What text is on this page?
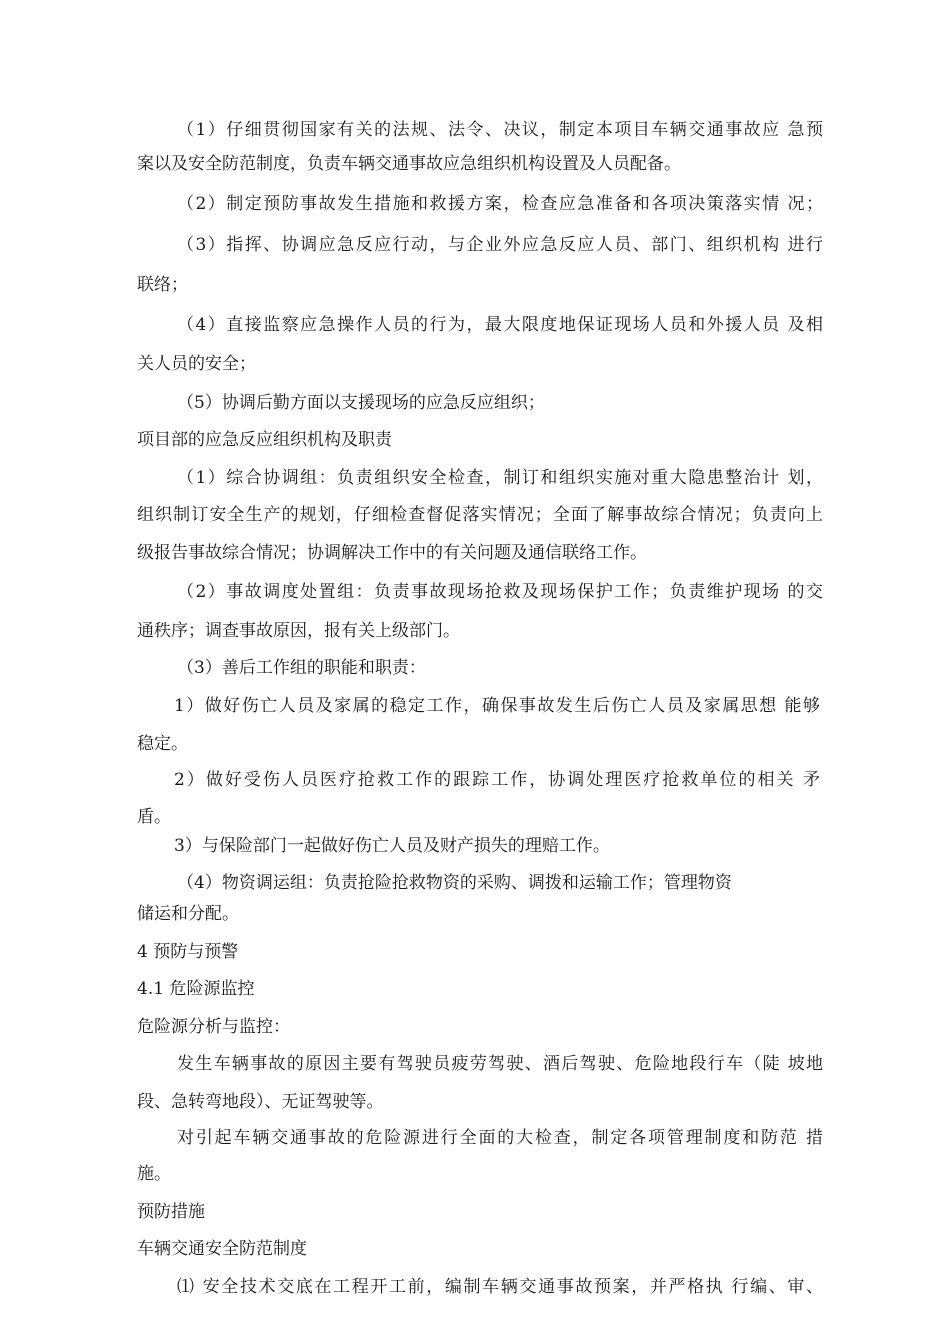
（1）仔细贯彻国家有关的法规、法令、决议，制定本项目车辆交通事故应 急预
案以及安全防范制度，负责车辆交通事故应急组织机构设置及人员配备。
（2）制定预防事故发生措施和救援方案，检查应急准备和各项决策落实情 况；
（3）指挥、协调应急反应行动，与企业外应急反应人员、部门、组织机构 进行
联络；
（4）直接监察应急操作人员的行为，最大限度地保证现场人员和外援人员 及相
关人员的安全；
（5）协调后勤方面以支援现场的应急反应组织；
项目部的应急反应组织机构及职责
（1）综合协调组：负责组织安全检查，制订和组织实施对重大隐患整治计 划，
组织制订安全生产的规划，仔细检查督促落实情况；全面了解事故综合情况；负责向上
级报告事故综合情况；协调解决工作中的有关问题及通信联络工作。
（2）事故调度处置组：负责事故现场抢救及现场保护工作；负责维护现场 的交
通秩序；调查事故原因，报有关上级部门。
（3）善后工作组的职能和职责：
1）做好伤亡人员及家属的稳定工作，确保事故发生后伤亡人员及家属思想 能够
稳定。
2）做好受伤人员医疗抢救工作的跟踪工作，协调处理医疗抢救单位的相关 矛
盾。
3）与保险部门一起做好伤亡人员及财产损失的理赔工作。
（4）物资调运组：负责抢险抢救物资的采购、调拨和运输工作；管理物资
储运和分配。
4 预防与预警
4.1 危险源监控
危险源分析与监控：
发生车辆事故的原因主要有驾驶员疲劳驾驶、酒后驾驶、危险地段行车（陡 坡地
段、急转弯地段）、无证驾驶等。
对引起车辆交通事故的危险源进行全面的大检查，制定各项管理制度和防范 措
施。
预防措施
车辆交通安全防范制度
⑴ 安全技术交底在工程开工前，编制车辆交通事故预案，并严格执 行编、审、
